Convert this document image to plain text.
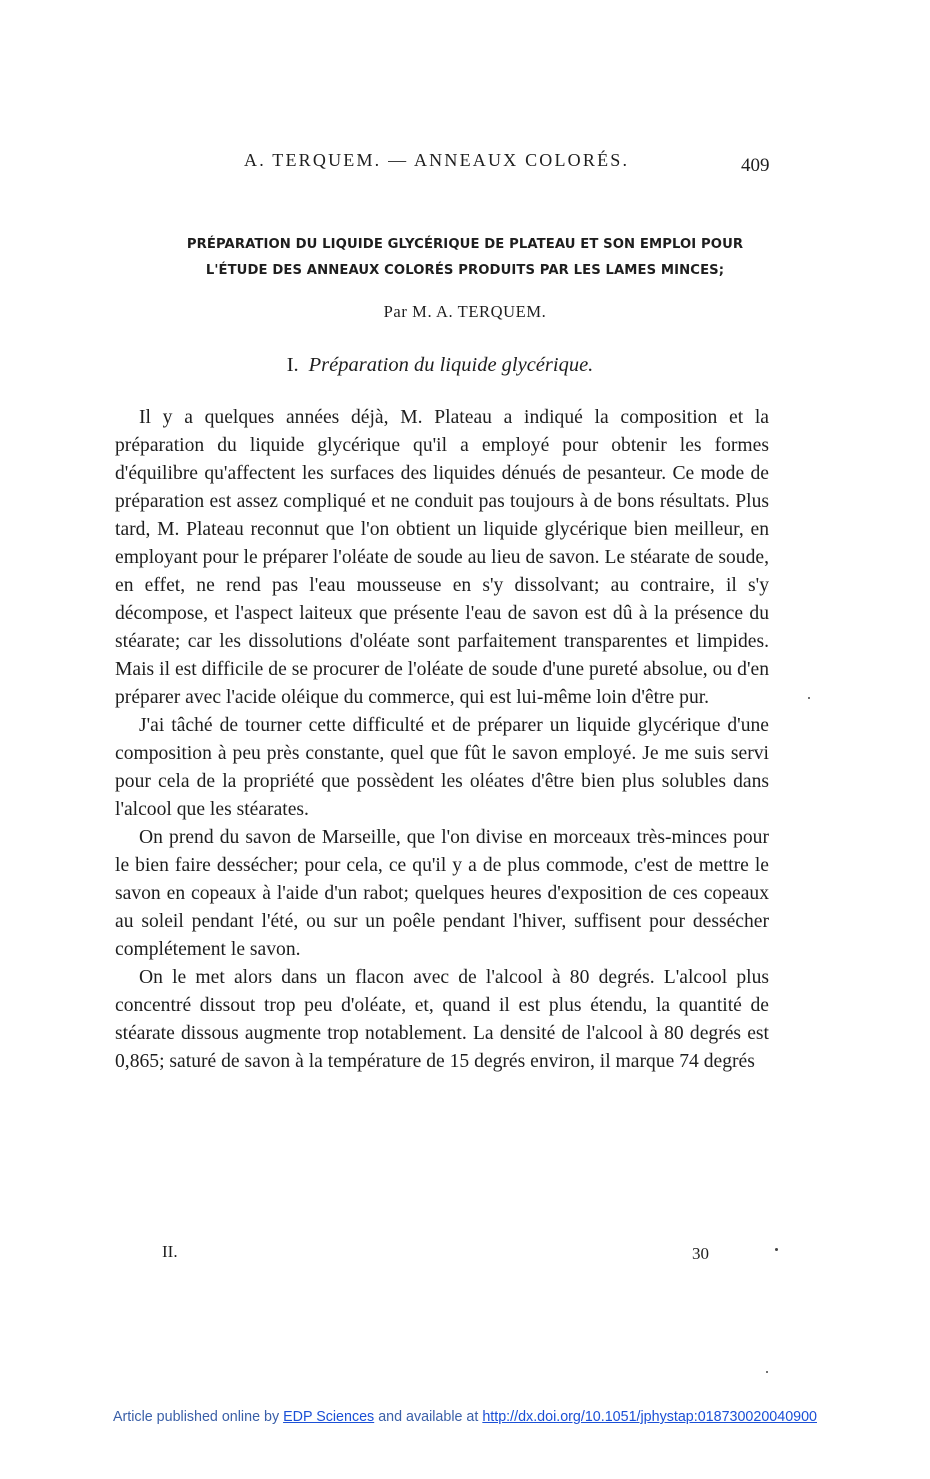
A. TERQUEM. — ANNEAUX COLORÉS.	409
PRÉPARATION DU LIQUIDE GLYCÉRIQUE DE PLATEAU ET SON EMPLOI POUR
L'ÉTUDE DES ANNEAUX COLORÉS PRODUITS PAR LES LAMES MINCES;
Par M. A. TERQUEM.
I. Préparation du liquide glycérique.

Il y a quelques années déjà, M. Plateau a indiqué la composition et la préparation du liquide glycérique qu'il a employé pour obtenir les formes d'équilibre qu'affectent les surfaces des liquides dénués de pesanteur. Ce mode de préparation est assez compliqué et ne conduit pas toujours à de bons résultats. Plus tard, M. Plateau reconnut que l'on obtient un liquide glycérique bien meilleur, en employant pour le préparer l'oléate de soude au lieu de savon. Le stéarate de soude, en effet, ne rend pas l'eau mousseuse en s'y dissolvant; au contraire, il s'y décompose, et l'aspect laiteux que présente l'eau de savon est dû à la présence du stéarate; car les dissolutions d'oléate sont parfaitement transparentes et limpides. Mais il est difficile de se procurer de l'oléate de soude d'une pureté absolue, ou d'en préparer avec l'acide oléique du commerce, qui est lui-même loin d'être pur.

J'ai tâché de tourner cette difficulté et de préparer un liquide glycérique d'une composition à peu près constante, quel que fût le savon employé. Je me suis servi pour cela de la propriété que possèdent les oléates d'être bien plus solubles dans l'alcool que les stéarates.

On prend du savon de Marseille, que l'on divise en morceaux très-minces pour le bien faire dessécher; pour cela, ce qu'il y a de plus commode, c'est de mettre le savon en copeaux à l'aide d'un rabot; quelques heures d'exposition de ces copeaux au soleil pendant l'été, ou sur un poêle pendant l'hiver, suffisent pour dessécher complétement le savon.

On le met alors dans un flacon avec de l'alcool à 80 degrés. L'alcool plus concentré dissout trop peu d'oléate, et, quand il est plus étendu, la quantité de stéarate dissous augmente trop notablement. La densité de l'alcool à 80 degrés est 0,865; saturé de savon à la température de 15 degrés environ, il marque 74 degrés

II.	30
Article published online by EDP Sciences and available at http://dx.doi.org/10.1051/jphystap:018730020040900
